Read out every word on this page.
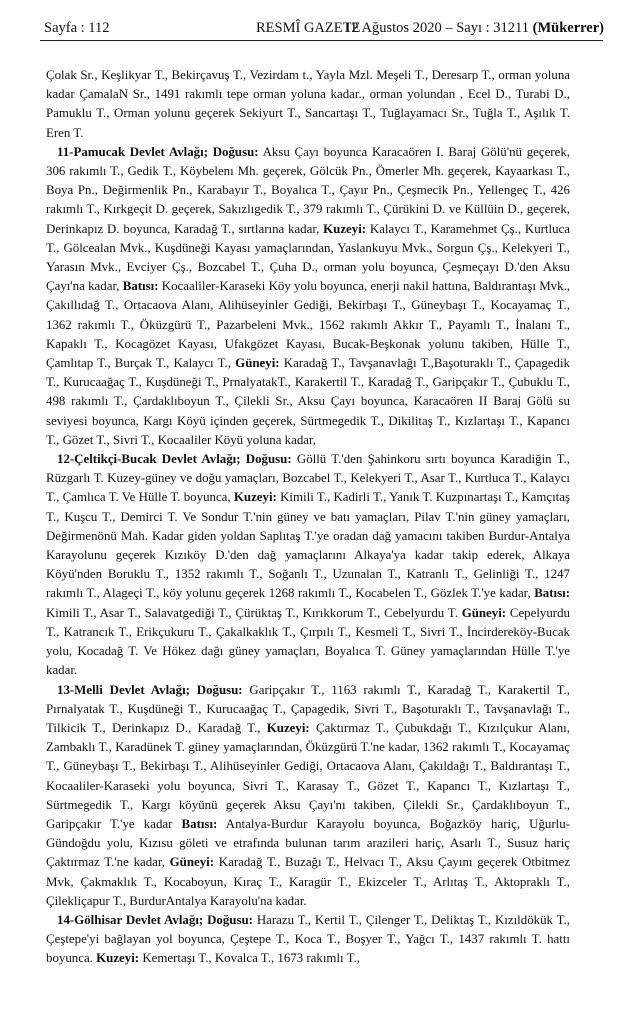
Sayfa : 112	RESMÎ GAZETE
12 Ağustos 2020 – Sayı : 31211 (Mükerrer)

Çolak Sr., Keşlikyar T., Bekirçavuş T., Vezirdam t., Yayla Mzl. Meşeli T., Deresarp T., orman yoluna kadar ÇamalaN Sr., 1491 rakımlı tepe orman yoluna kadar., orman yolundan , Ecel D., Turabi D., Pamuklu T., Orman yolunu geçerek Sekiyurt T., Sancartaşı T., Tuğlayamacı Sr., Tuğla T., Aşılık T. Eren T.

11-Pamucak Devlet Avlağı; Doğusu: Aksu Çayı boyunca Karacaören I. Baraj Gölü'nü geçerek, 306 rakımlı T., Gedik T., Köybelenı Mh. geçerek, Gölcük Pn., Ömerler Mh. geçerek, Kayaarkası T., Boya Pn., Değirmenlik Pn., Karabayır T., Boyalıca T., Çayır Pn., Çeşmecik Pn., Yellengeç T., 426 rakımlı T., Kırkgeçit D. geçerek, Sakızlıgedik T., 379 rakımlı T., Çürükini D. ve Küllüin D., geçerek, Derinkapız D. boyunca, Karadağ T., sırtlarına kadar, Kuzeyi: Kalaycı T., Karamehmet Çş., Kurtluca T., Gölcealan Mvk., Kuşdüneği Kayası yamaçlarından, Yaslankuyu Mvk., Sorgun Çş., Kelekyeri T., Yarasın Mvk., Evciyer Çş., Bozcabel T., Çuha D., orman yolu boyunca, Çeşmeçayı D.'den Aksu Çayı'na kadar, Batısı: Kocaaliler-Karaseki Köy yolu boyunca, enerji nakil hattına, Baldırantaşı Mvk., Çakıllıdağ T., Ortacaova Alanı, Alihüseyinler Gediği, Bekirbaşı T., Güneybaşı T., Kocayamaç T., 1362 rakımlı T., Öküzgürü T., Pazarbeleni Mvk., 1562 rakımlı Akkır T., Payamlı T., İnalanı T., Kapaklı T., Kocagözet Kayası, Ufakgözet Kayası, Bucak-Beşkonak yolunu takiben, Hülle T., Çamlıtap T., Burçak T., Kalaycı T., Güneyi: Karadağ T., Tavşanavlağı T.,Başoturaklı T., Çapagedik T., Kurucaağaç T., Kuşdüneği T., PrnalyatakT., Karakertil T., Karadağ T., Garipçakır T., Çubuklu T., 498 rakımlı T., Çardaklıboyun T., Çilekli Sr., Aksu Çayı boyunca, Karacaören II Baraj Gölü su seviyesi boyunca, Kargı Köyü içinden geçerek, Sürtmegedik T., Dikilitaş T., Kızlartaşı T., Kapancı T., Gözet T., Sivri T., Kocaaliler Köyü yoluna kadar,

12-Çeltikçi-Bucak Devlet Avlağı; Doğusu: Göllü T.'den Şahinkoru sırtı boyunca Karadiğin T., Rüzgarlı T. Kuzey-güney ve doğu yamaçları, Bozcabel T., Kelekyeri T., Asar T., Kurtluca T., Kalaycı T., Çamlıca T. Ve Hülle T. boyunca, Kuzeyi: Kimili T., Kadirli T., Yanık T. Kuzpınartaşı T., Kamçıtaş T., Kuşcu T., Demirci T. Ve Sondur T.'nin güney ve batı yamaçları, Pilav T.'nin güney yamaçları, Değirmenönü Mah. Kadar giden yoldan Saplıtaş T.'ye oradan dağ yamacını takiben Burdur-Antalya Karayolunu geçerek Kızıköy D.'den dağ yamaçlarını Alkaya'ya kadar takip ederek, Alkaya Köyü'nden Boruklu T., 1352 rakımlı T., Soğanlı T., Uzunalan T., Katranlı T., Gelinliği T., 1247 rakımlı T., Alageçi T., köy yolunu geçerek 1268 rakımlı T., Kocabelen T., Gözlek T.'ye kadar, Batısı: Kimili T., Asar T., Salavatgediği T., Çürüktaş T., Kırıkkorum T., Cebelyurdu T. Güneyi: Cepelyurdu T., Katrancık T., Erikçukuru T., Çakalkaklık T., Çırpılı T., Kesmeli T., Sivri T., İncirdereköy-Bucak yolu, Kocadağ T. Ve Hökez dağı güney yamaçları, Boyalıca T. Güney yamaçlarından Hülle T.'ye kadar.

13-Melli Devlet Avlağı; Doğusu: Garipçakır T., 1163 rakımlı T., Karadağ T., Karakertil T., Pırnalyatak T., Kuşdüneği T., Kurucaağaç T., Çapagedik, Sivri T., Başoturaklı T., Tavşanavlağı T., Tilkicik T., Derinkapız D., Karadağ T., Kuzeyi: Çaktırmaz T., Çubukdağı T., Kızılçukur Alanı, Zambaklı T., Karadünek T. güney yamaçlarından, Öküzgürü T.'ne kadar, 1362 rakımlı T., Kocayamaç T., Güneybaşı T., Bekirbaşı T., Alihüseyinler Gediği, Ortacaova Alanı, Çakıldağı T., Baldırantaşı T., Kocaaliler-Karaseki yolu boyunca, Sivri T., Karasay T., Gözet T., Kapancı T., Kızlartaşı T., Sürtmegedik T., Kargı köyünü geçerek Aksu Çayı'nı takiben, Çilekli Sr., Çardaklıboyun T., Garipçakır T.'ye kadar Batısı: Antalya-Burdur Karayolu boyunca, Boğazköy hariç, Uğurlu-Gündoğdu yolu, Kızısu göleti ve etrafında bulunan tarım arazileri hariç, Asarlı T., Susuz hariç Çaktırmaz T.'ne kadar, Güneyi: Karadağ T., Buzağı T., Helvacı T., Aksu Çayını geçerek Otbitmez Mvk, Çakmaklık T., Kocaboyun, Kıraç T., Karagür T., Ekizceler T., Arlıtaş T., Aktopraklı T., Çilekliçapur T., BurdurAntalya Karayolu'na kadar.

14-Gölhisar Devlet Avlağı; Doğusu: Harazu T., Kertil T., Çilenger T., Deliktaş T., Kızıldökük T., Çeştepe'yi bağlayan yol boyunca, Çeştepe T., Koca T., Boşyer T., Yağcı T., 1437 rakımlı T. hattı boyunca. Kuzeyi: Kemertaşı T., Kovalca T., 1673 rakımlı T.,
